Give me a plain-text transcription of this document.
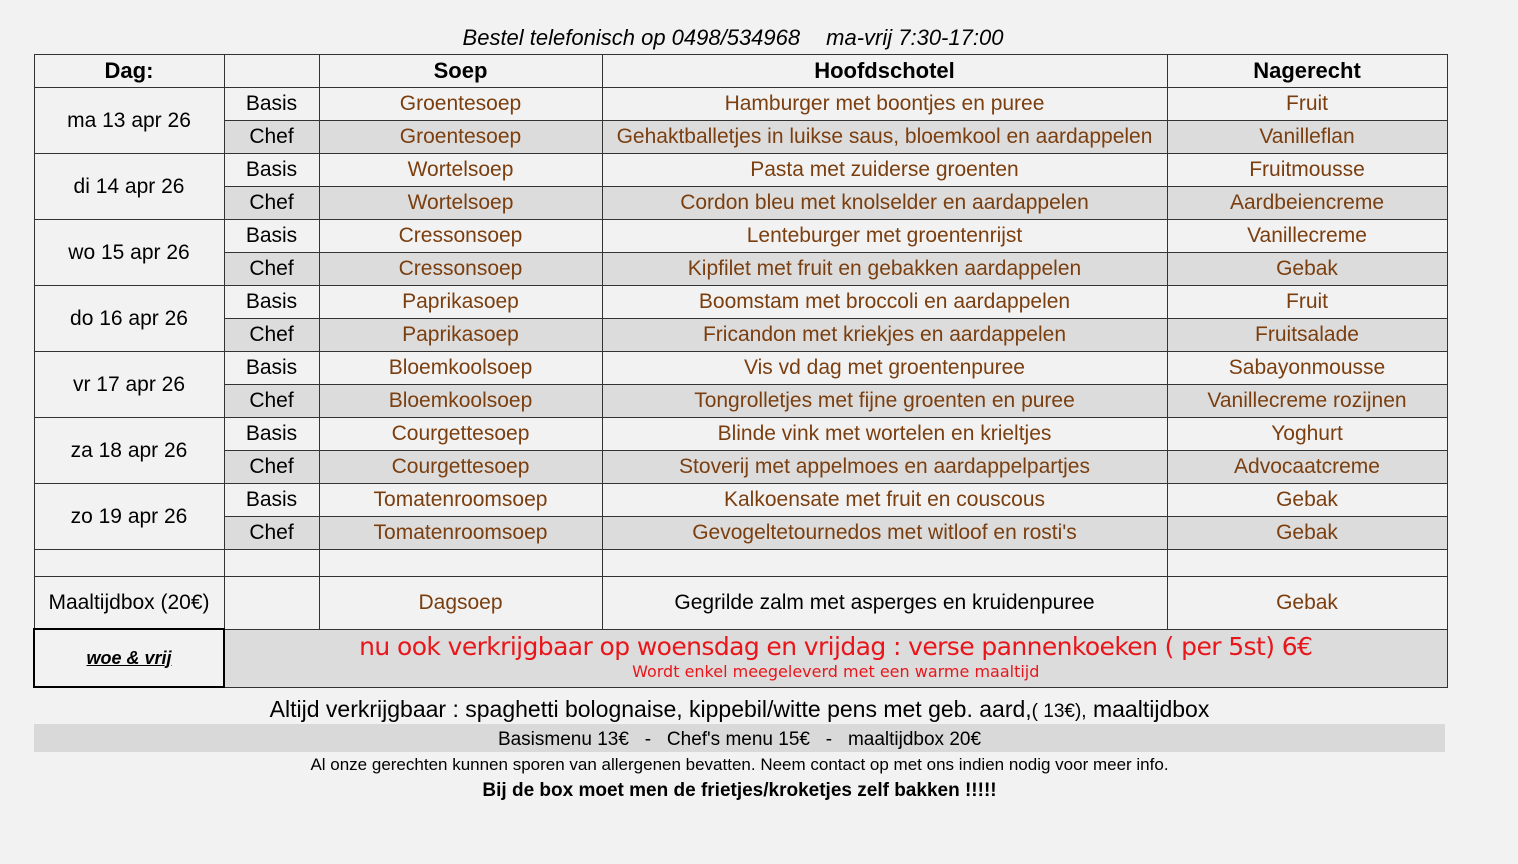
Bestel telefonisch op 0498/534968 ma-vrij 7:30-17:00
Dag:		Soep	Hoofdschotel	Nagerecht
ma 13 apr 26	Basis	Groentesoep	Hamburger met boontjes en puree	Fruit
	Chef	Groentesoep	Gehaktballetjes in luikse saus, bloemkool en aardappelen	Vanilleflan
di 14 apr 26	Basis	Wortelsoep	Pasta met zuiderse groenten	Fruitmousse
	Chef	Wortelsoep	Cordon bleu met knolselder en aardappelen	Aardbeiencreme
wo 15 apr 26	Basis	Cressonsoep	Lenteburger met groentenrijst	Vanillecreme
	Chef	Cressonsoep	Kipfilet met fruit en gebakken aardappelen	Gebak
do 16 apr 26	Basis	Paprikasoep	Boomstam met broccoli en aardappelen	Fruit
	Chef	Paprikasoep	Fricandon met kriekjes en aardappelen	Fruitsalade
vr 17 apr 26	Basis	Bloemkoolsoep	Vis vd dag met groentenpuree	Sabayonmousse
	Chef	Bloemkoolsoep	Tongrolletjes met fijne groenten en puree	Vanillecreme rozijnen
za 18 apr 26	Basis	Courgettesoep	Blinde vink met wortelen en krieltjes	Yoghurt
	Chef	Courgettesoep	Stoverij met appelmoes en aardappelpartjes	Advocaatcreme
zo 19 apr 26	Basis	Tomatenroomsoep	Kalkoensate met fruit en couscous	Gebak
	Chef	Tomatenroomsoep	Gevogeltetournedos met witloof en rosti's	Gebak

Maaltijdbox (20€)		Dagsoep	Gegrilde zalm met asperges en kruidenpuree	Gebak
woe & vrij	nu ook verkrijgbaar op woensdag en vrijdag : verse pannenkoeken ( per 5st) 6€
Wordt enkel meegeleverd met een warme maaltijd			
Altijd verkrijgbaar : spaghetti bolognaise, kippebil/witte pens met geb. aard,( 13€), maaltijdbox
Basismenu 13€   -   Chef's menu 15€   -   maaltijdbox 20€
Al onze gerechten kunnen sporen van allergenen bevatten. Neem contact op met ons indien nodig voor meer info.
Bij de box moet men de frietjes/kroketjes zelf bakken !!!!!
